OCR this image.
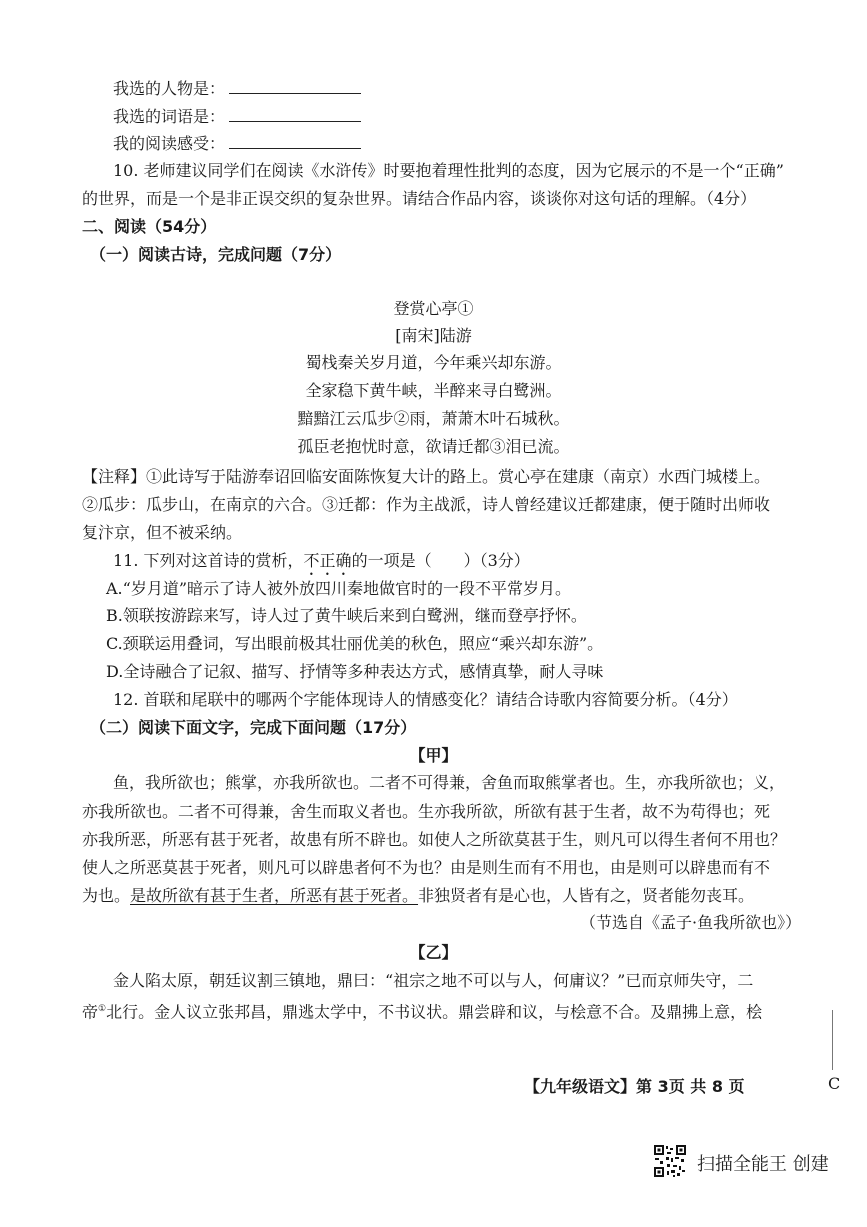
我选的人物是：
我选的词语是：
我的阅读感受：
10. 老师建议同学们在阅读《水浒传》时要抱着理性批判的态度，因为它展示的不是一个“正确”
的世界，而是一个是非正误交织的复杂世界。请结合作品内容，谈谈你对这句话的理解。（4分）
二、阅读（54分）
（一）阅读古诗，完成问题（7分）
登赏心亭①
[南宋]陆游
蜀栈秦关岁月道，今年乘兴却东游。
全家稳下黄牛峡，半醉来寻白鹭洲。
黯黯江云瓜步②雨，萧萧木叶石城秋。
孤臣老抱忧时意，欲请迁都③泪已流。
【注释】①此诗写于陆游奉诏回临安面陈恢复大计的路上。赏心亭在建康（南京）水西门城楼上。
②瓜步：瓜步山，在南京的六合。③迁都：作为主战派，诗人曾经建议迁都建康，便于随时出师收
复汴京，但不被采纳。
11. 下列对这首诗的赏析，不正确的一项是（　　）（3分）
A.“岁月道”暗示了诗人被外放四川秦地做官时的一段不平常岁月。
B.领联按游踪来写，诗人过了黄牛峡后来到白鹭洲，继而登亭抒怀。
C.颈联运用叠词，写出眼前极其壮丽优美的秋色，照应“乘兴却东游”。
D.全诗融合了记叙、描写、抒情等多种表达方式，感情真挚，耐人寻味
12. 首联和尾联中的哪两个字能体现诗人的情感变化？请结合诗歌内容简要分析。（4分）
（二）阅读下面文字，完成下面问题（17分）
【甲】
鱼，我所欲也；熊掌，亦我所欲也。二者不可得兼，舍鱼而取熊掌者也。生，亦我所欲也；义，
亦我所欲也。二者不可得兼，舍生而取义者也。生亦我所欲，所欲有甚于生者，故不为苟得也；死
亦我所恶，所恶有甚于死者，故患有所不辟也。如使人之所欲莫甚于生，则凡可以得生者何不用也？
使人之所恶莫甚于死者，则凡可以辟患者何不为也？由是则生而有不用也，由是则可以辟患而有不
为也。是故所欲有甚于生者，所恶有甚于死者。非独贤者有是心也，人皆有之，贤者能勿丧耳。
（节选自《孟子·鱼我所欲也》）
【乙】
金人陷太原，朝廷议割三镇地，鼎曰：“祖宗之地不可以与人，何庸议？”已而京师失守，二
帝①北行。金人议立张邦昌，鼎逃太学中，不书议状。鼎尝辟和议，与桧意不合。及鼎拂上意，桧
【九年级语文】第 3页 共 8 页	C
扫描全能王 创建
